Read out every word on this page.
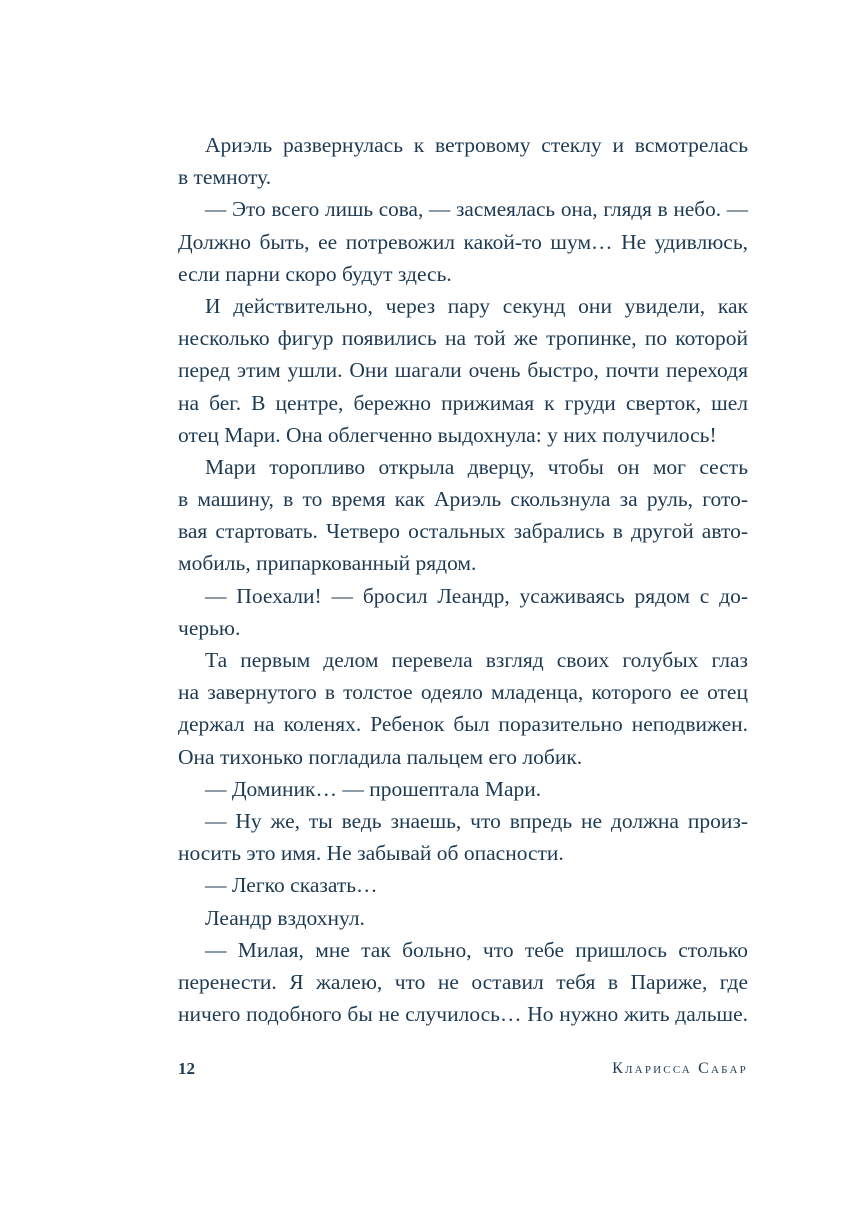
Ариэль развернулась к ветровому стеклу и всмотрелась
в темноту.
— Это всего лишь сова, — засмеялась она, глядя в небо. —
Должно быть, ее потревожил какой-то шум… Не удивлюсь,
если парни скоро будут здесь.
И действительно, через пару секунд они увидели, как
несколько фигур появились на той же тропинке, по которой
перед этим ушли. Они шагали очень быстро, почти переходя
на бег. В центре, бережно прижимая к груди сверток, шел
отец Мари. Она облегченно выдохнула: у них получилось!
Мари торопливо открыла дверцу, чтобы он мог сесть
в машину, в то время как Ариэль скользнула за руль, гото-
вая стартовать. Четверо остальных забрались в другой авто-
мобиль, припаркованный рядом.
— Поехали! — бросил Леандр, усаживаясь рядом с до-
черью.
Та первым делом перевела взгляд своих голубых глаз
на завернутого в толстое одеяло младенца, которого ее отец
держал на коленях. Ребенок был поразительно неподвижен.
Она тихонько погладила пальцем его лобик.
— Доминик… — прошептала Мари.
— Ну же, ты ведь знаешь, что впредь не должна произ-
носить это имя. Не забывай об опасности.
— Легко сказать…
Леандр вздохнул.
— Милая, мне так больно, что тебе пришлось столько
перенести. Я жалею, что не оставил тебя в Париже, где
ничего подобного бы не случилось… Но нужно жить дальше.
12	Кларисса Сабар
